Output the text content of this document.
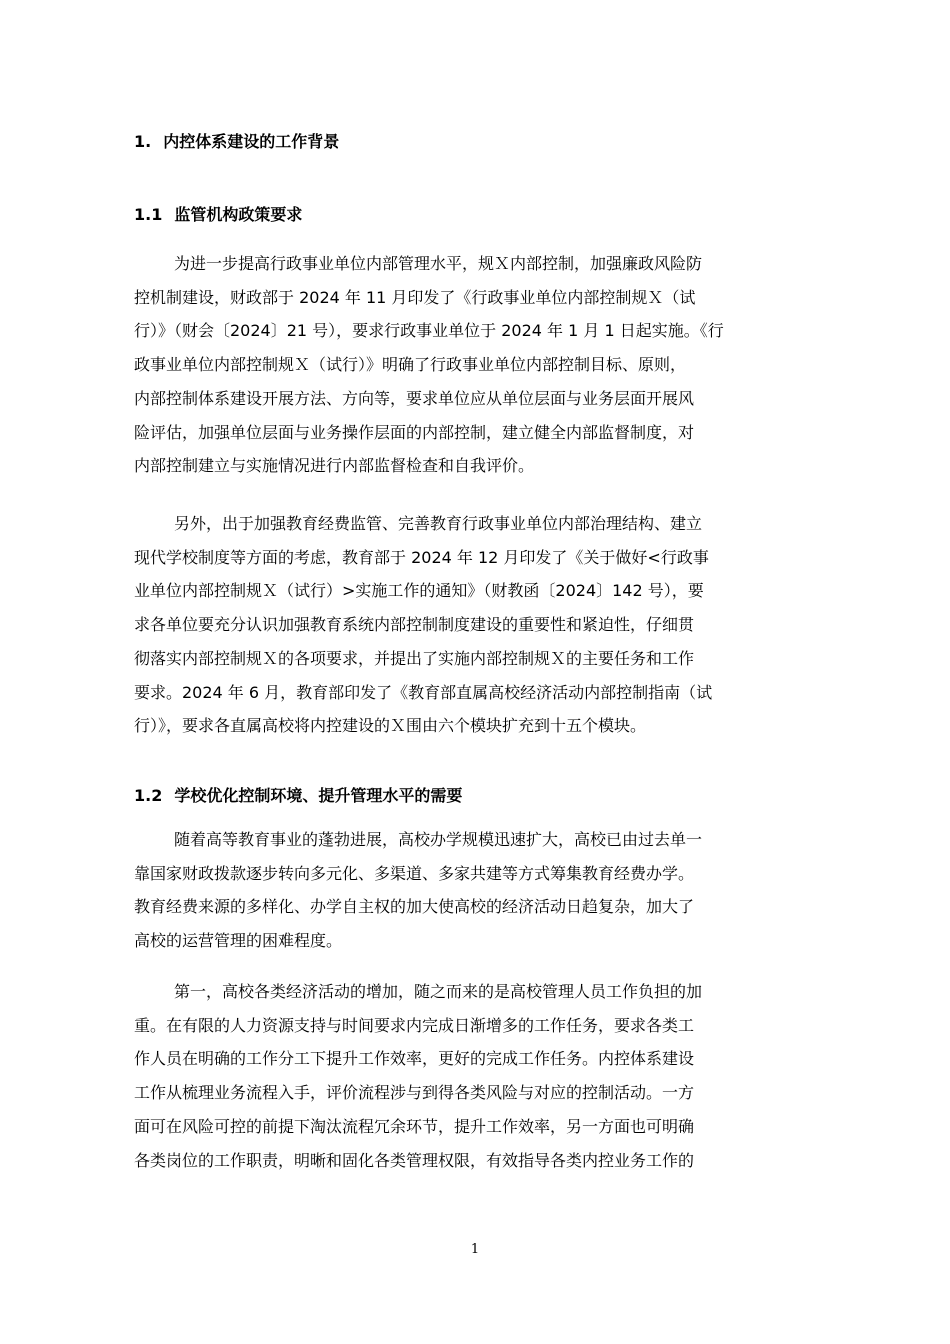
1. 内控体系建设的工作背景
1.1 监管机构政策要求
为进一步提高行政事业单位内部管理水平，规Ｘ内部控制，加强廉政风险防
控机制建设，财政部于 2024 年 11 月印发了《行政事业单位内部控制规Ｘ（试
行）》（财会〔2024〕21 号），要求行政事业单位于 2024 年 1 月 1 日起实施。《行
政事业单位内部控制规Ｘ（试行）》明确了行政事业单位内部控制目标、原则，
内部控制体系建设开展方法、方向等，要求单位应从单位层面与业务层面开展风
险评估，加强单位层面与业务操作层面的内部控制，建立健全内部监督制度，对
内部控制建立与实施情况进行内部监督检查和自我评价。
另外，出于加强教育经费监管、完善教育行政事业单位内部治理结构、建立
现代学校制度等方面的考虑，教育部于 2024 年 12 月印发了《关于做好<行政事
业单位内部控制规Ｘ（试行）>实施工作的通知》（财教函〔2024〕142 号），要
求各单位要充分认识加强教育系统内部控制制度建设的重要性和紧迫性，仔细贯
彻落实内部控制规Ｘ的各项要求，并提出了实施内部控制规Ｘ的主要任务和工作
要求。2024 年 6 月，教育部印发了《教育部直属高校经济活动内部控制指南（试
行）》，要求各直属高校将内控建设的Ｘ围由六个模块扩充到十五个模块。
1.2 学校优化控制环境、提升管理水平的需要
随着高等教育事业的蓬勃进展，高校办学规模迅速扩大，高校已由过去单一
靠国家财政拨款逐步转向多元化、多渠道、多家共建等方式筹集教育经费办学。
教育经费来源的多样化、办学自主权的加大使高校的经济活动日趋复杂，加大了
高校的运营管理的困难程度。
第一，高校各类经济活动的增加，随之而来的是高校管理人员工作负担的加
重。在有限的人力资源支持与时间要求内完成日渐增多的工作任务，要求各类工
作人员在明确的工作分工下提升工作效率，更好的完成工作任务。内控体系建设
工作从梳理业务流程入手，评价流程涉与到得各类风险与对应的控制活动。一方
面可在风险可控的前提下淘汰流程冗余环节，提升工作效率，另一方面也可明确
各类岗位的工作职责，明晰和固化各类管理权限，有效指导各类内控业务工作的
1
